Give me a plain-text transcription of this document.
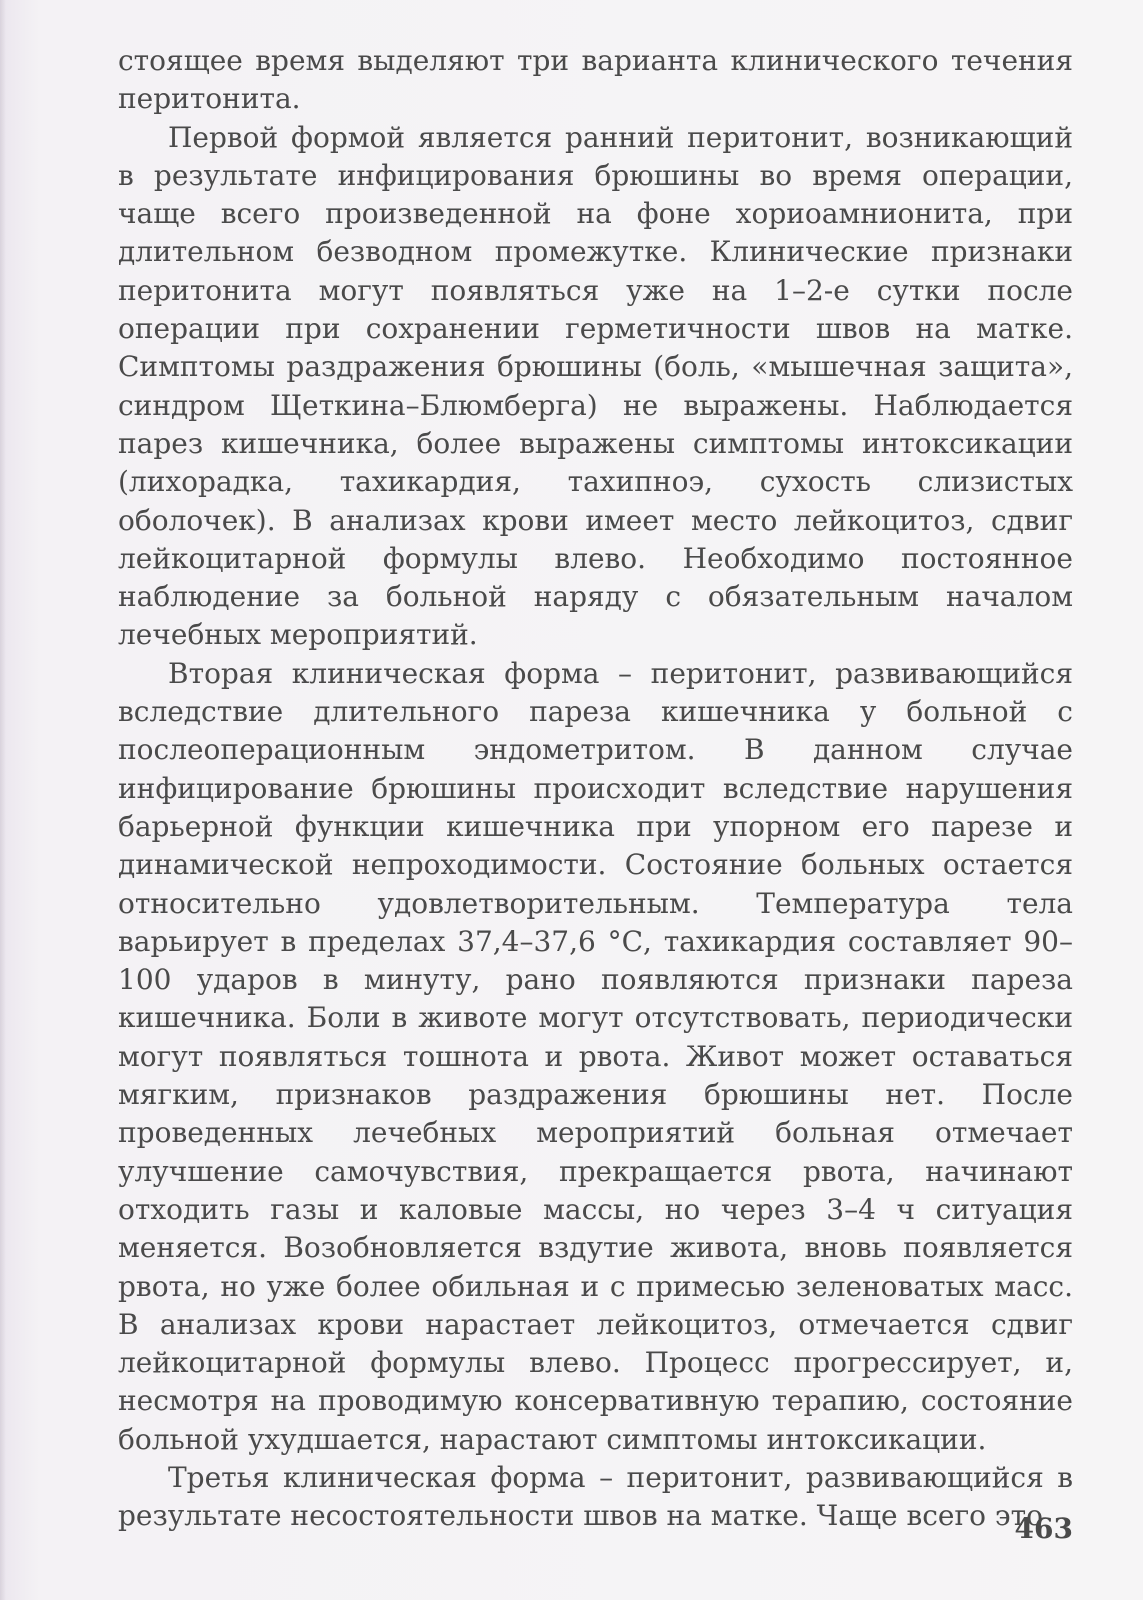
стоящее время выделяют три варианта клинического течения перитонита.

Первой формой является ранний перитонит, возникающий в результате инфицирования брюшины во время операции, чаще всего произведенной на фоне хориоамнионита, при длительном безводном промежутке. Клинические признаки перитонита могут появляться уже на 1–2-е сутки после операции при сохранении герметичности швов на матке. Симптомы раздражения брюшины (боль, «мышечная защита», синдром Щеткина–Блюмберга) не выражены. Наблюдается парез кишечника, более выражены симптомы интоксикации (лихорадка, тахикардия, тахипноэ, сухость слизистых оболочек). В анализах крови имеет место лейкоцитоз, сдвиг лейкоцитарной формулы влево. Необходимо постоянное наблюдение за больной наряду с обязательным началом лечебных мероприятий.

Вторая клиническая форма – перитонит, развивающийся вследствие длительного пареза кишечника у больной с послеоперационным эндометритом. В данном случае инфицирование брюшины происходит вследствие нарушения барьерной функции кишечника при упорном его парезе и динамической непроходимости. Состояние больных остается относительно удовлетворительным. Температура тела варьирует в пределах 37,4–37,6 °С, тахикардия составляет 90–100 ударов в минуту, рано появляются признаки пареза кишечника. Боли в животе могут отсутствовать, периодически могут появляться тошнота и рвота. Живот может оставаться мягким, признаков раздражения брюшины нет. После проведенных лечебных мероприятий больная отмечает улучшение самочувствия, прекращается рвота, начинают отходить газы и каловые массы, но через 3–4 ч ситуация меняется. Возобновляется вздутие живота, вновь появляется рвота, но уже более обильная и с примесью зеленоватых масс. В анализах крови нарастает лейкоцитоз, отмечается сдвиг лейкоцитарной формулы влево. Процесс прогрессирует, и, несмотря на проводимую консервативную терапию, состояние больной ухудшается, нарастают симптомы интоксикации.

Третья клиническая форма – перитонит, развивающийся в результате несостоятельности швов на матке. Чаще всего это

463
